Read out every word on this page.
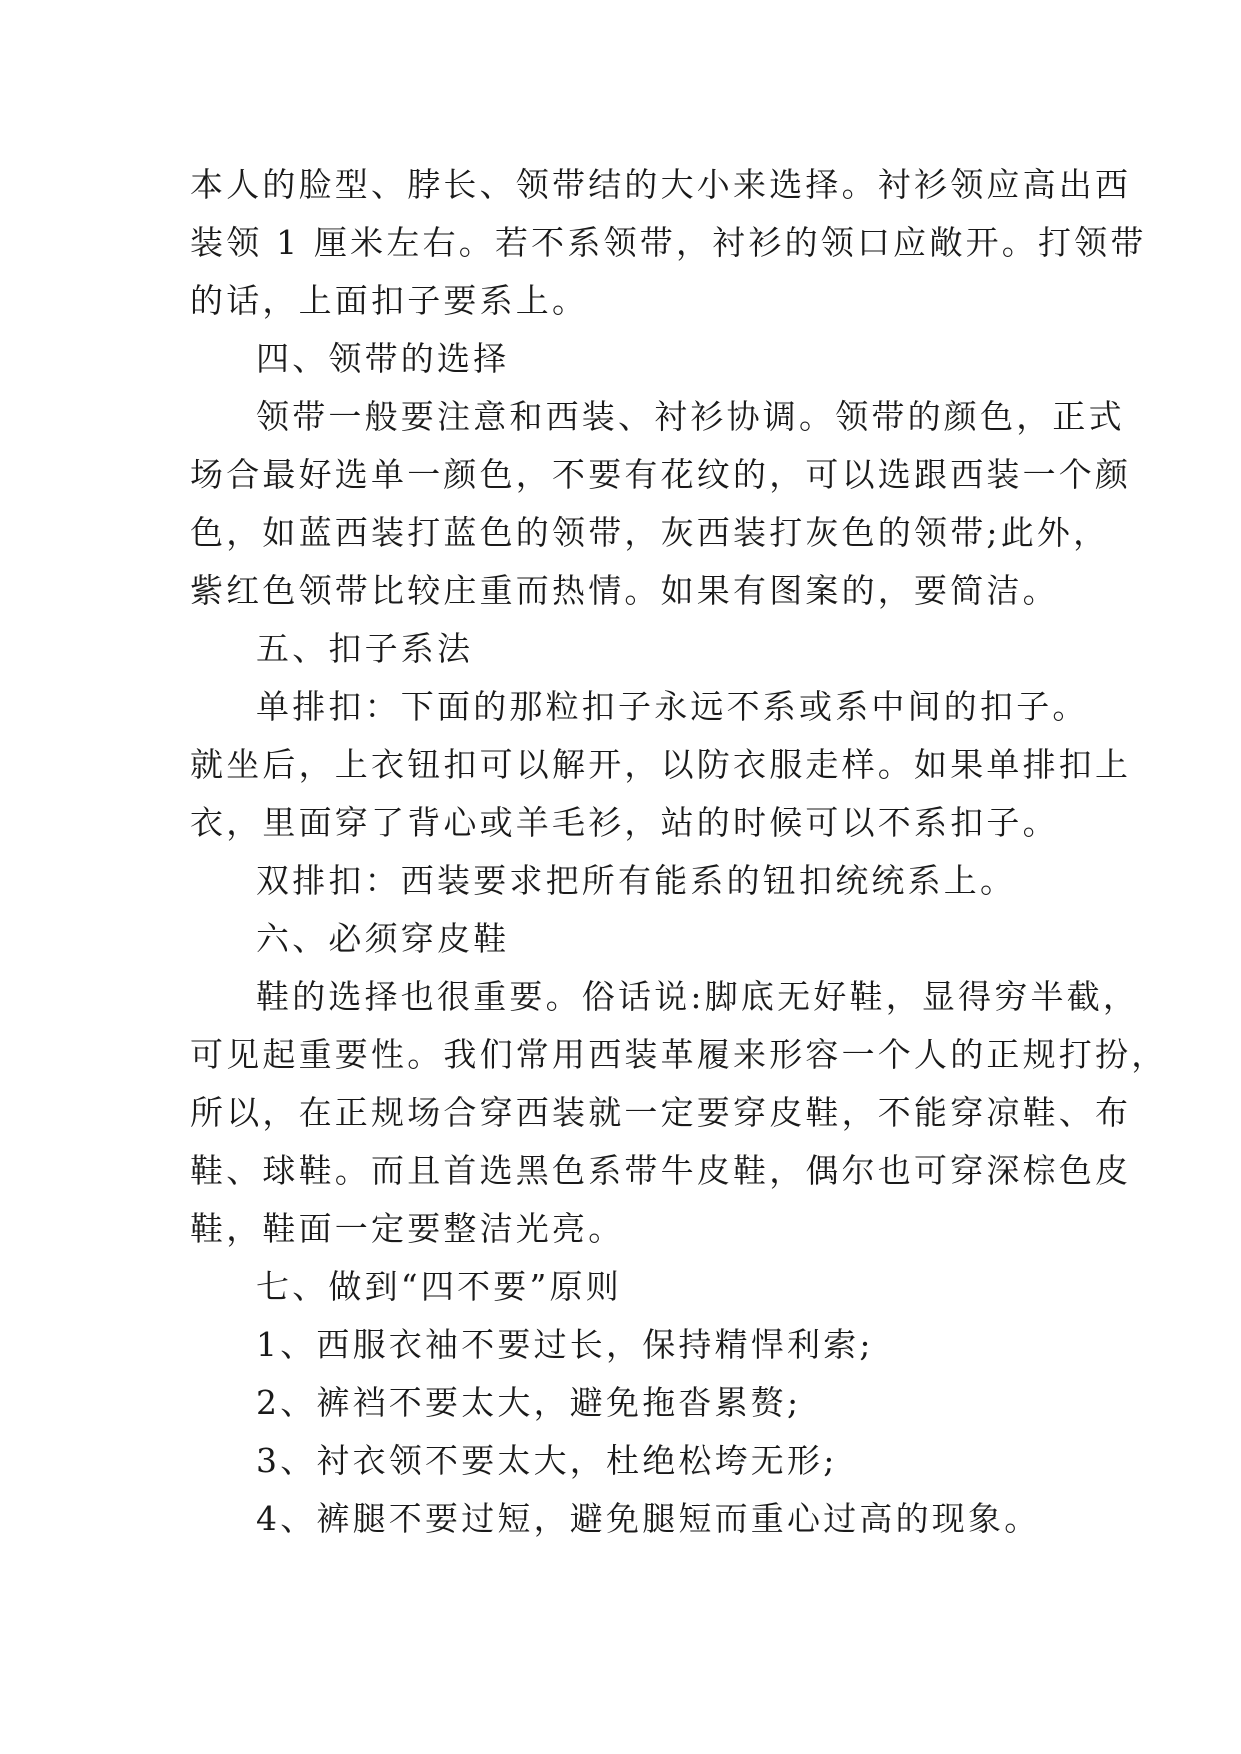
本人的脸型、脖长、领带结的大小来选择。衬衫领应高出西
装领 1 厘米左右。若不系领带，衬衫的领口应敞开。打领带
的话，上面扣子要系上。
四、领带的选择
领带一般要注意和西装、衬衫协调。领带的颜色，正式
场合最好选单一颜色，不要有花纹的，可以选跟西装一个颜
色，如蓝西装打蓝色的领带，灰西装打灰色的领带;此外，
紫红色领带比较庄重而热情。如果有图案的，要简洁。
五、扣子系法
单排扣：下面的那粒扣子永远不系或系中间的扣子。
就坐后，上衣钮扣可以解开，以防衣服走样。如果单排扣上
衣，里面穿了背心或羊毛衫，站的时候可以不系扣子。
双排扣：西装要求把所有能系的钮扣统统系上。
六、必须穿皮鞋
鞋的选择也很重要。俗话说:脚底无好鞋，显得穷半截，
可见起重要性。我们常用西装革履来形容一个人的正规打扮，
所以，在正规场合穿西装就一定要穿皮鞋，不能穿凉鞋、布
鞋、球鞋。而且首选黑色系带牛皮鞋，偶尔也可穿深棕色皮
鞋，鞋面一定要整洁光亮。
七、做到“四不要”原则
1、西服衣袖不要过长，保持精悍利索;
2、裤裆不要太大，避免拖沓累赘;
3、衬衣领不要太大，杜绝松垮无形;
4、裤腿不要过短，避免腿短而重心过高的现象。
